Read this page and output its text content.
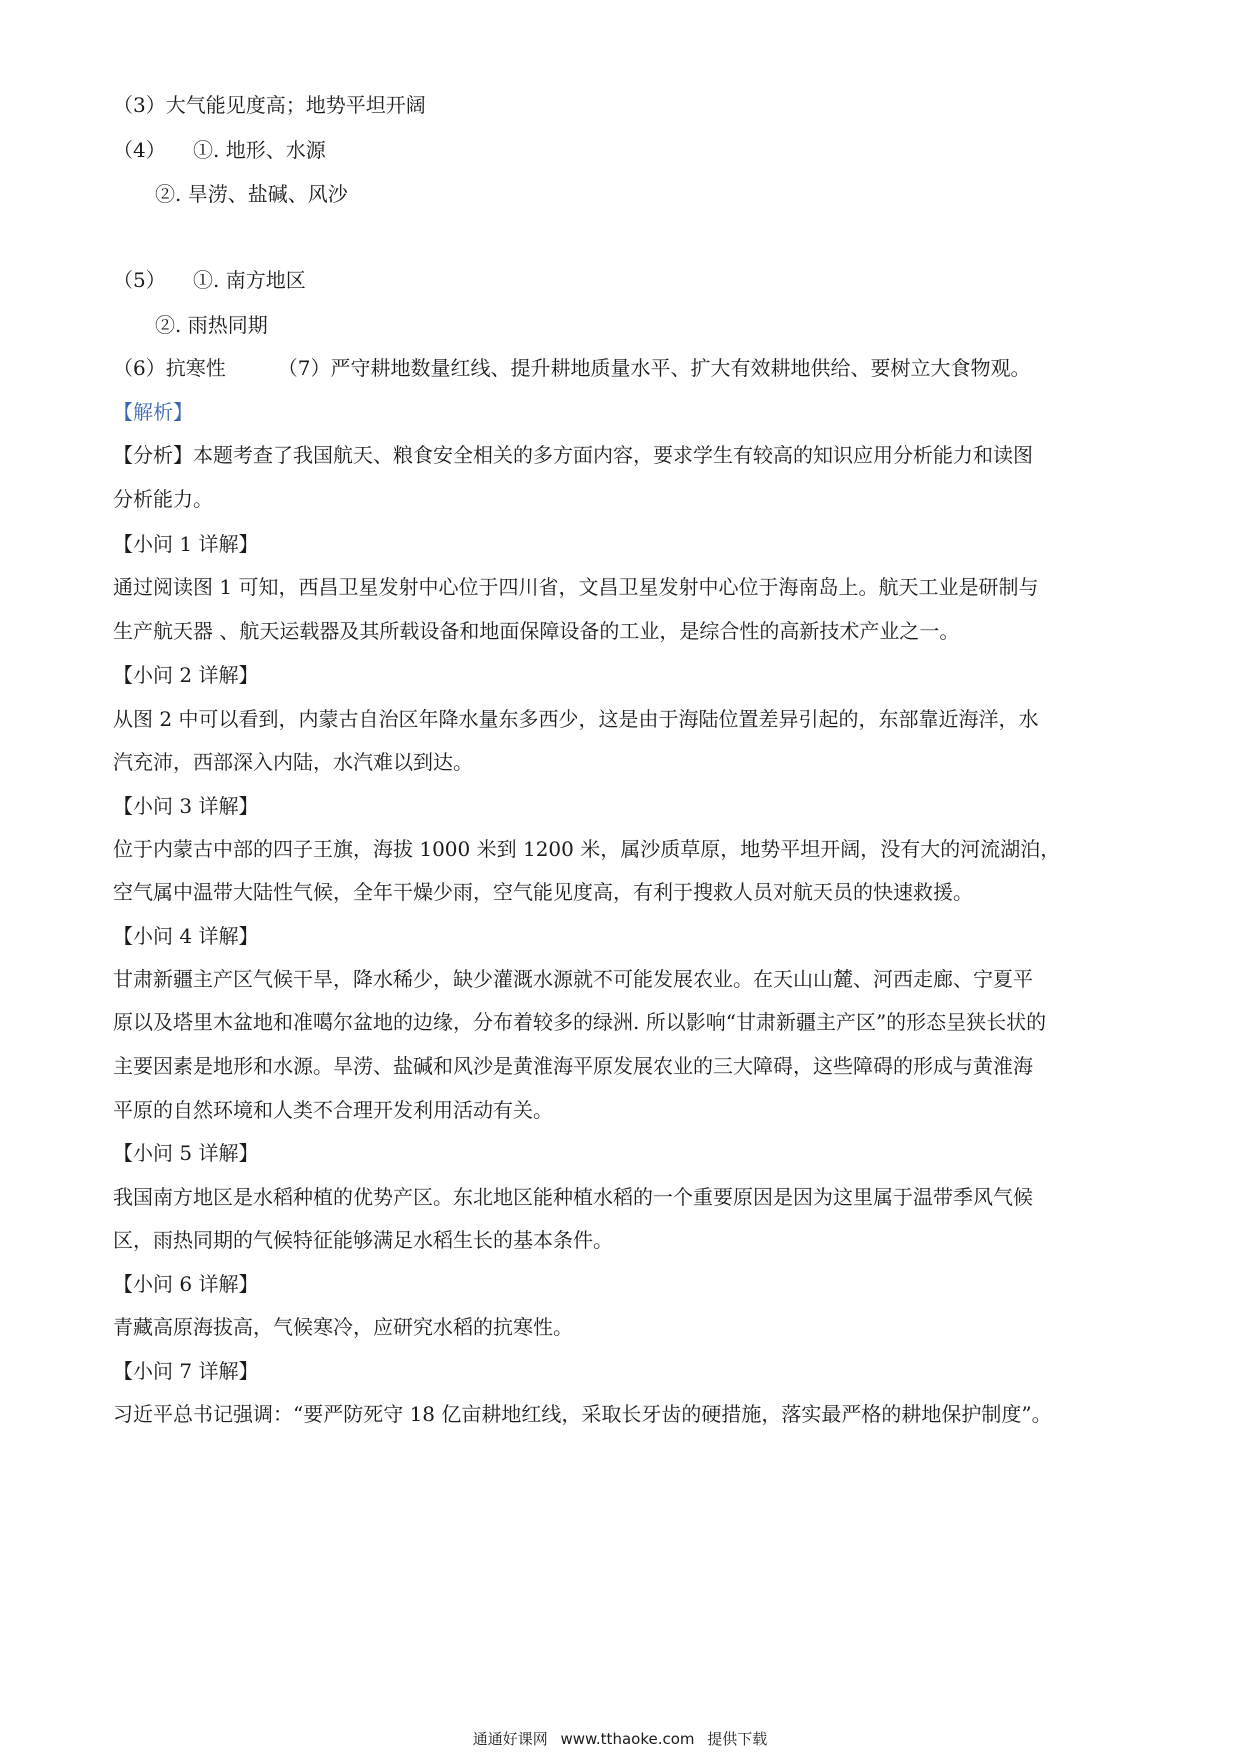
（3）大气能见度高；地势平坦开阔
（4） ①. 地形、水源
②. 旱涝、盐碱、风沙
（5） ①. 南方地区
②. 雨热同期
（6）抗寒性	（7）严守耕地数量红线、提升耕地质量水平、扩大有效耕地供给、要树立大食物观。
【解析】
【分析】本题考查了我国航天、粮食安全相关的多方面内容，要求学生有较高的知识应用分析能力和读图
分析能力。
【小问 1 详解】
通过阅读图 1 可知，西昌卫星发射中心位于四川省，文昌卫星发射中心位于海南岛上。航天工业是研制与
生产航天器 、航天运载器及其所载设备和地面保障设备的工业，是综合性的高新技术产业之一。
【小问 2 详解】
从图 2 中可以看到，内蒙古自治区年降水量东多西少，这是由于海陆位置差异引起的，东部靠近海洋，水
汽充沛，西部深入内陆，水汽难以到达。
【小问 3 详解】
位于内蒙古中部的四子王旗，海拔 1000 米到 1200 米，属沙质草原，地势平坦开阔，没有大的河流湖泊，
空气属中温带大陆性气候，全年干燥少雨，空气能见度高，有利于搜救人员对航天员的快速救援。
【小问 4 详解】
甘肃新疆主产区气候干旱，降水稀少，缺少灌溉水源就不可能发展农业。在天山山麓、河西走廊、宁夏平
原以及塔里木盆地和准噶尔盆地的边缘，分布着较多的绿洲. 所以影响“甘肃新疆主产区”的形态呈狭长状的
主要因素是地形和水源。旱涝、盐碱和风沙是黄淮海平原发展农业的三大障碍，这些障碍的形成与黄淮海
平原的自然环境和人类不合理开发利用活动有关。
【小问 5 详解】
我国南方地区是水稻种植的优势产区。东北地区能种植水稻的一个重要原因是因为这里属于温带季风气候
区，雨热同期的气候特征能够满足水稻生长的基本条件。
【小问 6 详解】
青藏高原海拔高，气候寒冷，应研究水稻的抗寒性。
【小问 7 详解】
习近平总书记强调：“要严防死守 18 亿亩耕地红线，采取长牙齿的硬措施，落实最严格的耕地保护制度”。
通通好课网 www.tthaoke.com 提供下载
